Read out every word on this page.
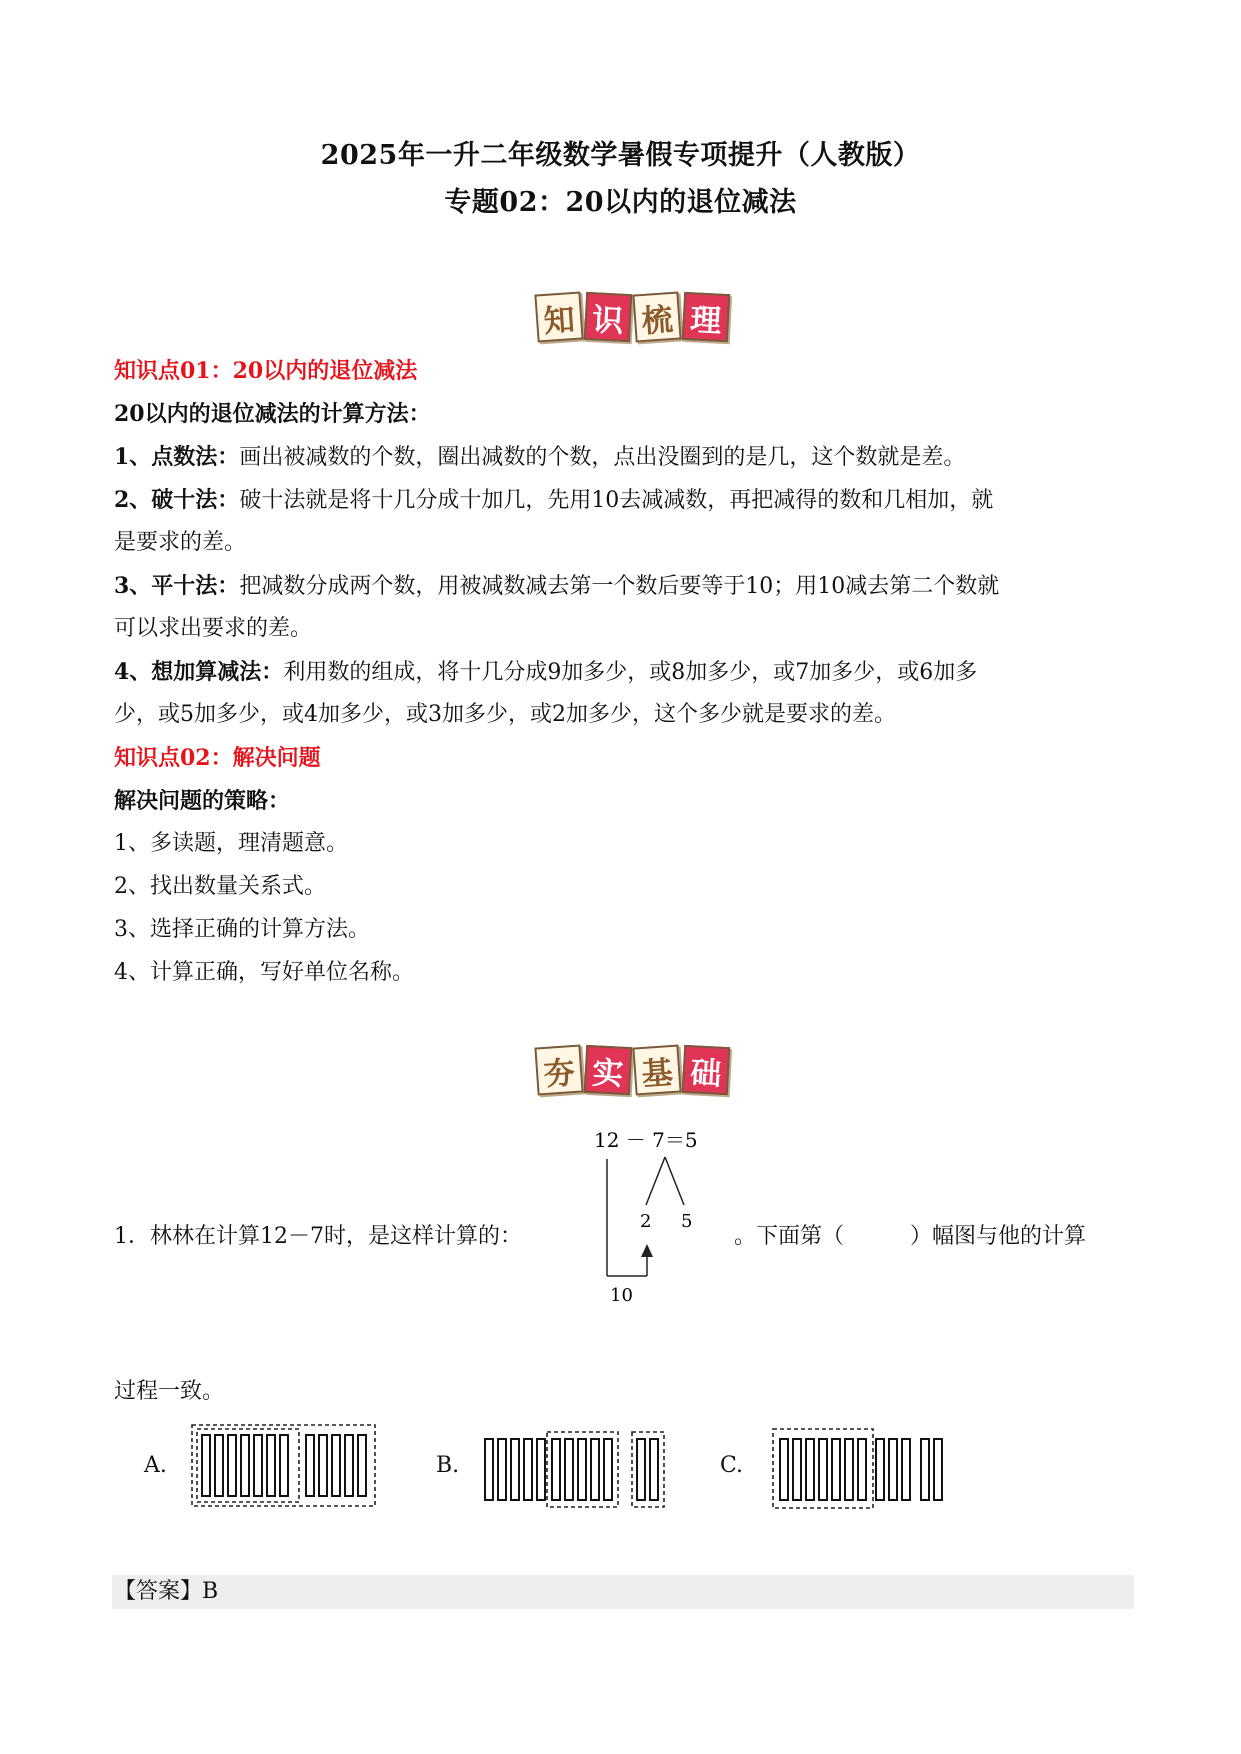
2025年一升二年级数学暑假专项提升（人教版）
专题02：20以内的退位减法
知 识 梳 理
知识点01：20以内的退位减法
20以内的退位减法的计算方法：
1、点数法：画出被减数的个数，圈出减数的个数，点出没圈到的是几，这个数就是差。
2、破十法：破十法就是将十几分成十加几，先用10去减减数，再把减得的数和几相加，就
是要求的差。
3、平十法：把减数分成两个数，用被减数减去第一个数后要等于10；用10减去第二个数就
可以求出要求的差。
4、想加算减法：利用数的组成，将十几分成9加多少，或8加多少，或7加多少，或6加多
少，或5加多少，或4加多少，或3加多少，或2加多少，这个多少就是要求的差。
知识点02：解决问题
解决问题的策略：
1、多读题，理清题意。
2、找出数量关系式。
3、选择正确的计算方法。
4、计算正确，写好单位名称。
夯 实 基 础
1．林林在计算12－7时，是这样计算的：
12 － 7＝5
2 5
10
。下面第（　　　）幅图与他的计算
过程一致。
A.	B.	C.
【答案】B
